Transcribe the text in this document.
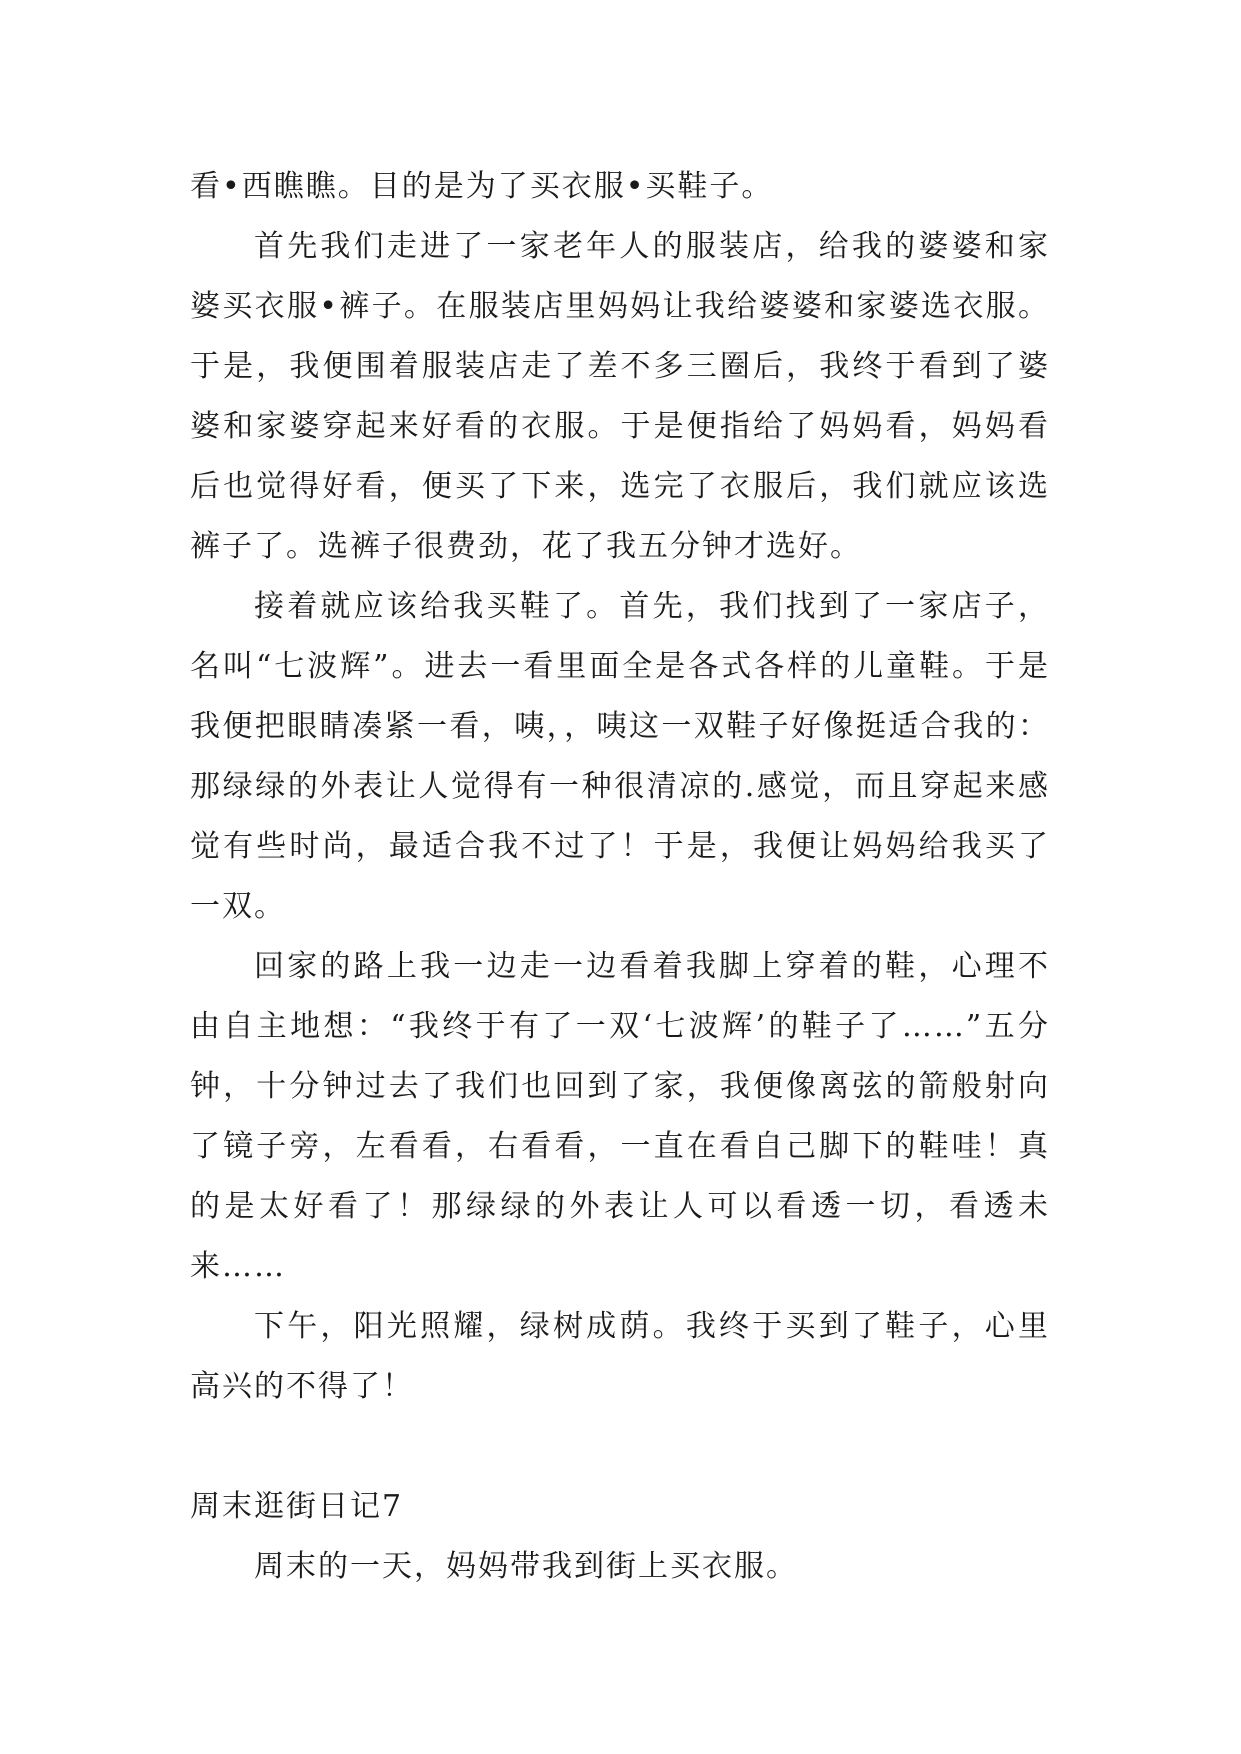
看•西瞧瞧。目的是为了买衣服•买鞋子。

首先我们走进了一家老年人的服装店，给我的婆婆和家婆买衣服•裤子。在服装店里妈妈让我给婆婆和家婆选衣服。于是，我便围着服装店走了差不多三圈后，我终于看到了婆婆和家婆穿起来好看的衣服。于是便指给了妈妈看，妈妈看后也觉得好看，便买了下来，选完了衣服后，我们就应该选裤子了。选裤子很费劲，花了我五分钟才选好。

接着就应该给我买鞋了。首先，我们找到了一家店子，名叫“七波辉”。进去一看里面全是各式各样的儿童鞋。于是我便把眼睛凑紧一看，咦，，咦这一双鞋子好像挺适合我的：那绿绿的外表让人觉得有一种很清凉的.感觉，而且穿起来感觉有些时尚，最适合我不过了！于是，我便让妈妈给我买了一双。

回家的路上我一边走一边看着我脚上穿着的鞋，心理不由自主地想：“我终于有了一双‘七波辉’的鞋子了……”五分钟，十分钟过去了我们也回到了家，我便像离弦的箭般射向了镜子旁，左看看，右看看，一直在看自己脚下的鞋哇！真的是太好看了！那绿绿的外表让人可以看透一切，看透未来……

下午，阳光照耀，绿树成荫。我终于买到了鞋子，心里高兴的不得了！

周末逛街日记7

周末的一天，妈妈带我到街上买衣服。
